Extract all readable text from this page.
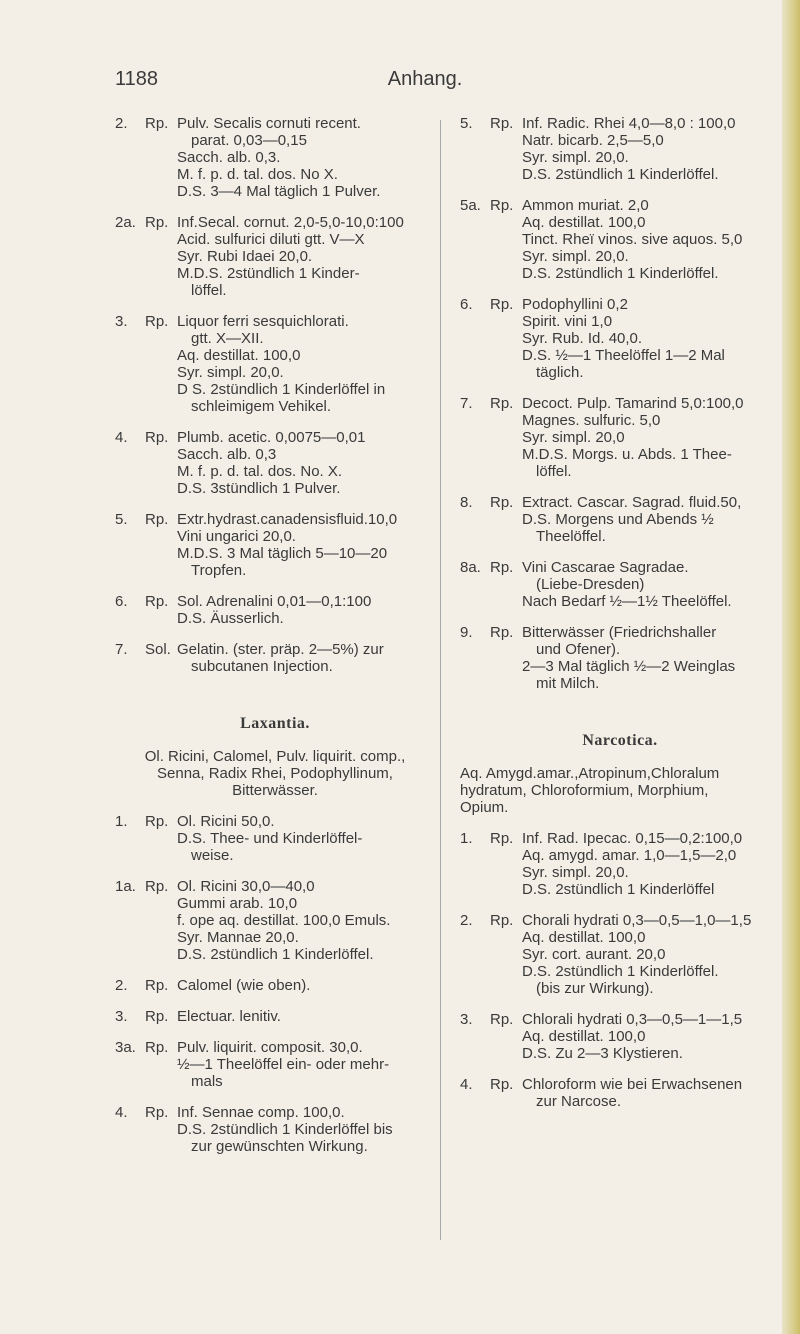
1188	Anhang.
2.	Rp. Pulv. Secalis cornuti recent.
parat. 0,03—0,15
Sacch. alb. 0,3.
M. f. p. d. tal. dos. No X.
D.S. 3—4 Mal täglich 1 Pulver.
2a. Rp. Inf.Secal. cornut. 2,0-5,0-10,0:100
Acid. sulfurici diluti gtt. V—X
Syr. Rubi Idaei 20,0.
M.D.S. 2stündlich 1 Kinder-
löffel.
3.	Rp. Liquor ferri sesquichlorati.
gtt. X—XII.
Aq. destillat. 100,0
Syr. simpl. 20,0.
D S. 2stündlich 1 Kinderlöffel in
schleimigem Vehikel.
4.	Rp. Plumb. acetic. 0,0075—0,01
Sacch. alb. 0,3
M. f. p. d. tal. dos. No. X.
D.S. 3stündlich 1 Pulver.
5.	Rp. Extr.hydrast.canadensisfluid.10,0
Vini ungarici 20,0.
M.D.S. 3 Mal täglich 5—10—20
Tropfen.
6.	Rp. Sol. Adrenalini 0,01—0,1:100
D.S. Äusserlich.
7.	Sol. Gelatin. (ster. präp. 2—5%) zur
subcutanen Injection.
Laxantia.
Ol. Ricini, Calomel, Pulv. liquirit. comp.,
Senna, Radix Rhei, Podophyllinum,
Bitterwässer.
1.	Rp. Ol. Ricini 50,0.
D.S. Thee- und Kinderlöffel-
weise.
1a. Rp. Ol. Ricini 30,0—40,0
Gummi arab. 10,0
f. ope aq. destillat. 100,0 Emuls.
Syr. Mannae 20,0.
D.S. 2stündlich 1 Kinderlöffel.
2.	Rp. Calomel (wie oben).
3.	Rp. Electuar. lenitiv.
3a. Rp. Pulv. liquirit. composit. 30,0.
½—1 Theelöffel ein- oder mehr-
mals
4.	Rp. Inf. Sennae comp. 100,0.
D.S. 2stündlich 1 Kinderlöffel bis
zur gewünschten Wirkung.
5.	Rp. Inf. Radic. Rhei 4,0—8,0 : 100,0
Natr. bicarb. 2,5—5,0
Syr. simpl. 20,0.
D.S. 2stündlich 1 Kinderlöffel.
5a. Rp. Ammon muriat. 2,0
Aq. destillat. 100,0
Tinct. Rheï vinos. sive aquos. 5,0
Syr. simpl. 20,0.
D.S. 2stündlich 1 Kinderlöffel.
6.	Rp. Podophyllini 0,2
Spirit. vini 1,0
Syr. Rub. Id. 40,0.
D.S. ½—1 Theelöffel 1—2 Mal
täglich.
7.	Rp. Decoct. Pulp. Tamarind 5,0:100,0
Magnes. sulfuric. 5,0
Syr. simpl. 20,0
M.D.S. Morgs. u. Abds. 1 Thee-
löffel.
8.	Rp. Extract. Cascar. Sagrad. fluid.50,
D.S. Morgens und Abends ½
Theelöffel.
8a. Rp. Vini Cascarae Sagradae.
(Liebe-Dresden)
Nach Bedarf ½—1½ Theelöffel.
9.	Rp. Bitterwässer (Friedrichshaller
und Ofener).
2—3 Mal täglich ½—2 Weinglas
mit Milch.
Narcotica.
Aq. Amygd.amar.,Atropinum,Chloralum
hydratum, Chloroformium, Morphium,
Opium.
1.	Rp. Inf. Rad. Ipecac. 0,15—0,2:100,0
Aq. amygd. amar. 1,0—1,5—2,0
Syr. simpl. 20,0.
D.S. 2stündlich 1 Kinderlöffel
2.	Rp. Chorali hydrati 0,3—0,5—1,0—1,5
Aq. destillat. 100,0
Syr. cort. aurant. 20,0
D.S. 2stündlich 1 Kinderlöffel.
(bis zur Wirkung).
3.	Rp. Chlorali hydrati 0,3—0,5—1—1,5
Aq. destillat. 100,0
D.S. Zu 2—3 Klystieren.
4.	Rp. Chloroform wie bei Erwachsenen
zur Narcose.
